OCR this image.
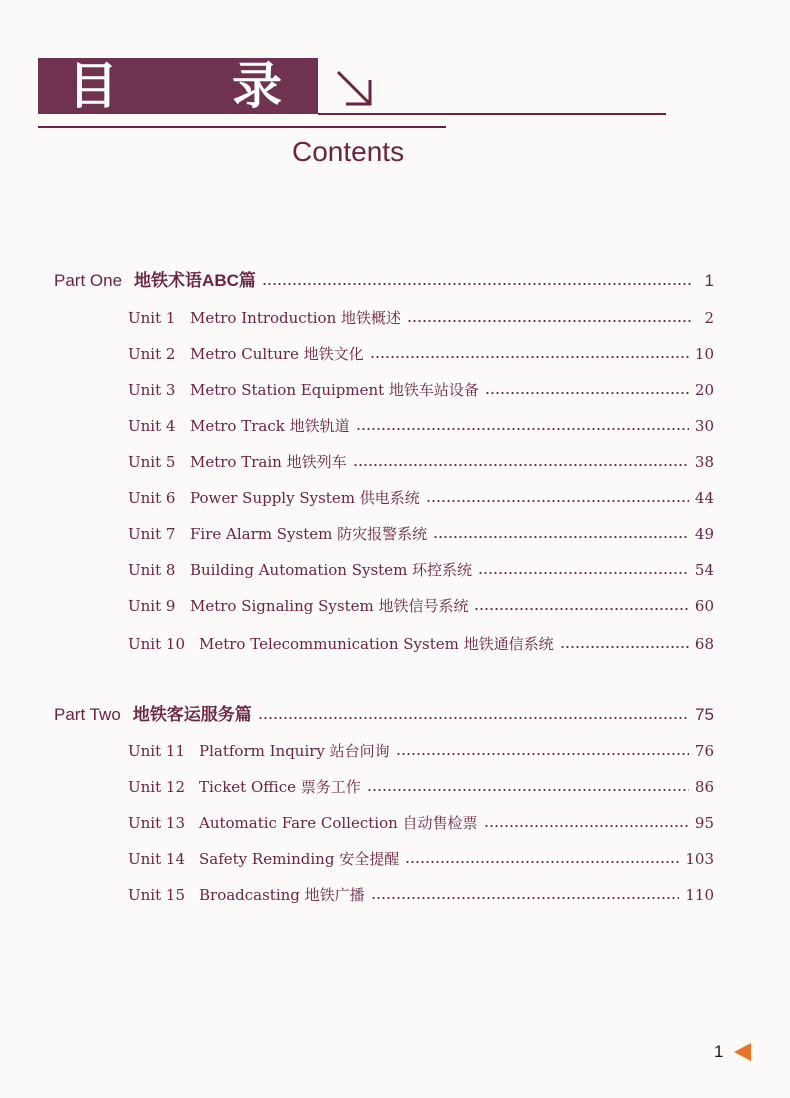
目 录
Contents
Part One 地铁术语ABC篇	1
Unit 1 Metro Introduction 地铁概述	2
Unit 2 Metro Culture 地铁文化	10
Unit 3 Metro Station Equipment 地铁车站设备	20
Unit 4 Metro Track 地铁轨道	30
Unit 5 Metro Train 地铁列车	38
Unit 6 Power Supply System 供电系统	44
Unit 7 Fire Alarm System 防灾报警系统	49
Unit 8 Building Automation System 环控系统	54
Unit 9 Metro Signaling System 地铁信号系统	60
Unit 10 Metro Telecommunication System 地铁通信系统	68
Part Two 地铁客运服务篇	75
Unit 11 Platform Inquiry 站台问询	76
Unit 12 Ticket Office 票务工作	86
Unit 13 Automatic Fare Collection 自动售检票	95
Unit 14 Safety Reminding 安全提醒	103
Unit 15 Broadcasting 地铁广播	110
1
